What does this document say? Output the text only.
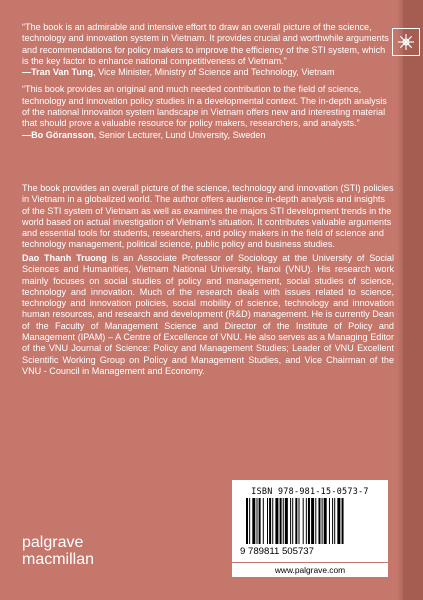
“The book is an admirable and intensive effort to draw an overall picture of the science, technology and innovation system in Vietnam. It provides crucial and worthwhile arguments and recommendations for policy makers to improve the efficiency of the STI system, which is the key factor to enhance national competitiveness of Vietnam.”

—Tran Van Tung, Vice Minister, Ministry of Science and Technology, Vietnam

“This book provides an original and much needed contribution to the field of science, technology and innovation policy studies in a developmental context. The in-depth analysis of the national innovation system landscape in Vietnam offers new and interesting material that should prove a valuable resource for policy makers, researchers, and analysts.”

—Bo Göransson, Senior Lecturer, Lund University, Sweden

The book provides an overall picture of the science, technology and innovation (STI) policies in Vietnam in a globalized world. The author offers audience in-depth analysis and insights of the STI system of Vietnam as well as examines the majors STI development trends in the world based on actual investigation of Vietnam’s situation. It contributes valuable arguments and essential tools for students, researchers, and policy makers in the field of science and technology management, political science, public policy and business studies.

Dao Thanh Truong is an Associate Professor of Sociology at the University of Social Sciences and Humanities, Vietnam National University, Hanoi (VNU). His research work mainly focuses on social studies of policy and management, social studies of science, technology and innovation. Much of the research deals with issues related to science, technology and innovation policies, social mobility of science, technology and innovation human resources, and research and development (R&D) management. He is currently Dean of the Faculty of Management Science and Director of the Institute of Policy and Management (IPAM) – A Centre of Excellence of VNU. He also serves as a Managing Editor of the VNU Journal of Science: Policy and Management Studies; Leader of VNU Excellent Scientific Working Group on Policy and Management Studies, and Vice Chairman of the VNU - Council in Management and Economy.

ISBN 978-981-15-0573-7
9 789811 505737
www.palgrave.com
palgrave
macmillan
